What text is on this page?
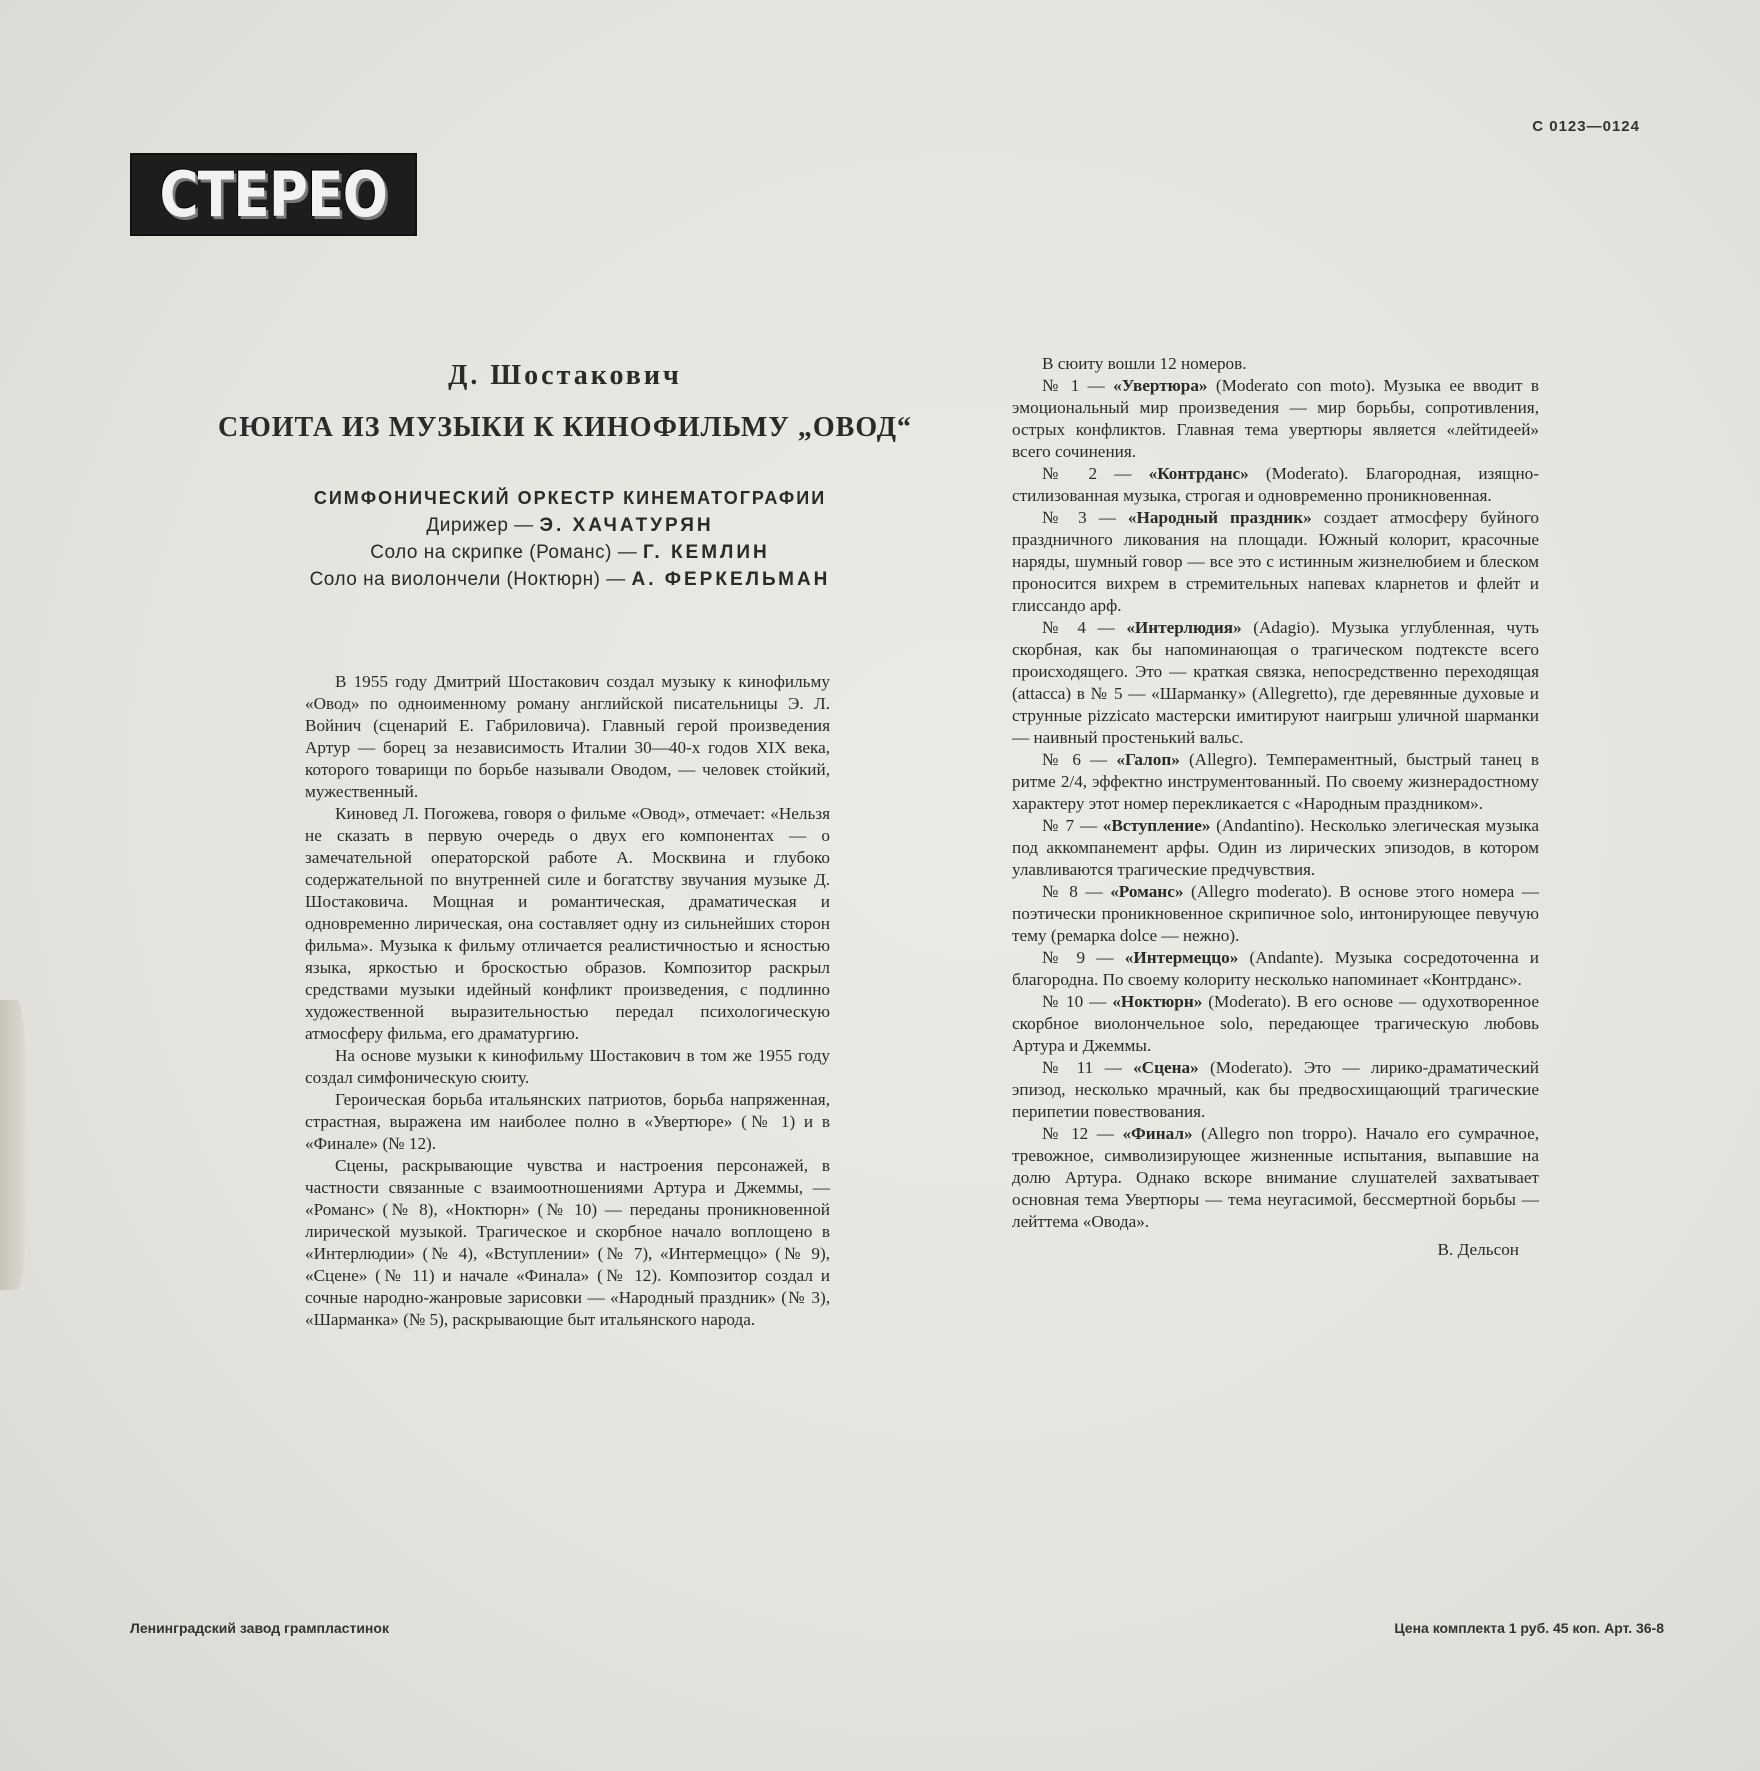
С 0123—0124
СТЕРЕО
Д. Шостакович
СЮИТА ИЗ МУЗЫКИ К КИНОФИЛЬМУ „ОВОД“
СИМФОНИЧЕСКИЙ ОРКЕСТР КИНЕМАТОГРАФИИ
Дирижер — Э. ХАЧАТУРЯН
Соло на скрипке (Романс) — Г. КЕМЛИН
Соло на виолончели (Ноктюрн) — А. ФЕРКЕЛЬМАН

В 1955 году Дмитрий Шостакович создал музыку к кинофильму «Овод» по одноименному роману английской писательницы Э. Л. Войнич (сценарий Е. Габриловича). Главный герой произведения Артур — борец за независимость Италии 30—40-х годов XIX века, которого товарищи по борьбе называли Оводом, — человек стойкий, мужественный.

Киновед Л. Погожева, говоря о фильме «Овод», отмечает: «Нельзя не сказать в первую очередь о двух его компонентах — о замечательной операторской работе А. Москвина и глубоко содержательной по внутренней силе и богатству звучания музыке Д. Шостаковича. Мощная и романтическая, драматическая и одновременно лирическая, она составляет одну из сильнейших сторон фильма». Музыка к фильму отличается реалистичностью и ясностью языка, яркостью и броскостью образов. Композитор раскрыл средствами музыки идейный конфликт произведения, с подлинно художественной выразительностью передал психологическую атмосферу фильма, его драматургию.

На основе музыки к кинофильму Шостакович в том же 1955 году создал симфоническую сюиту.

Героическая борьба итальянских патриотов, борьба напряженная, страстная, выражена им наиболее полно в «Увертюре» (№ 1) и в «Финале» (№ 12).

Сцены, раскрывающие чувства и настроения персонажей, в частности связанные с взаимоотношениями Артура и Джеммы, — «Романс» (№ 8), «Ноктюрн» (№ 10) — переданы проникновенной лирической музыкой. Трагическое и скорбное начало воплощено в «Интерлюдии» (№ 4), «Вступлении» (№ 7), «Интермеццо» (№ 9), «Сцене» (№ 11) и начале «Финала» (№ 12). Композитор создал и сочные народно-жанровые зарисовки — «Народный праздник» (№ 3), «Шарманка» (№ 5), раскрывающие быт итальянского народа.

В сюиту вошли 12 номеров.

№ 1 — «Увертюра» (Moderato con moto). Музыка ее вводит в эмоциональный мир произведения — мир борьбы, сопротивления, острых конфликтов. Главная тема увертюры является «лейтидеей» всего сочинения.

№ 2 — «Контрданс» (Moderato). Благородная, изящно-стилизованная музыка, строгая и одновременно проникновенная.

№ 3 — «Народный праздник» создает атмосферу буйного праздничного ликования на площади. Южный колорит, красочные наряды, шумный говор — все это с истинным жизнелюбием и блеском проносится вихрем в стремительных напевах кларнетов и флейт и глиссандо арф.

№ 4 — «Интерлюдия» (Adagio). Музыка углубленная, чуть скорбная, как бы напоминающая о трагическом подтексте всего происходящего. Это — краткая связка, непосредственно переходящая (attacca) в № 5 — «Шарманку» (Allegretto), где деревянные духовые и струнные pizzicato мастерски имитируют наигрыш уличной шарманки — наивный простенький вальс.

№ 6 — «Галоп» (Allegro). Темпераментный, быстрый танец в ритме 2/4, эффектно инструментованный. По своему жизнерадостному характеру этот номер перекликается с «Народным праздником».

№ 7 — «Вступление» (Andantino). Несколько элегическая музыка под аккомпанемент арфы. Один из лирических эпизодов, в котором улавливаются трагические предчувствия.

№ 8 — «Романс» (Allegro moderato). В основе этого номера — поэтически проникновенное скрипичное solo, интонирующее певучую тему (ремарка dolce — нежно).

№ 9 — «Интермеццо» (Andante). Музыка сосредоточенна и благородна. По своему колориту несколько напоминает «Контрданс».

№ 10 — «Ноктюрн» (Moderato). В его основе — одухотворенное скорбное виолончельное solo, передающее трагическую любовь Артура и Джеммы.

№ 11 — «Сцена» (Moderato). Это — лирико-драматический эпизод, несколько мрачный, как бы предвосхищающий трагические перипетии повествования.

№ 12 — «Финал» (Allegro non troppo). Начало его сумрачное, тревожное, символизирующее жизненные испытания, выпавшие на долю Артура. Однако вскоре внимание слушателей захватывает основная тема Увертюры — тема неугасимой, бессмертной борьбы — лейттема «Овода».

В. Дельсон

Ленинградский завод грампластинок	Цена комплекта 1 руб. 45 коп. Арт. 36-8
